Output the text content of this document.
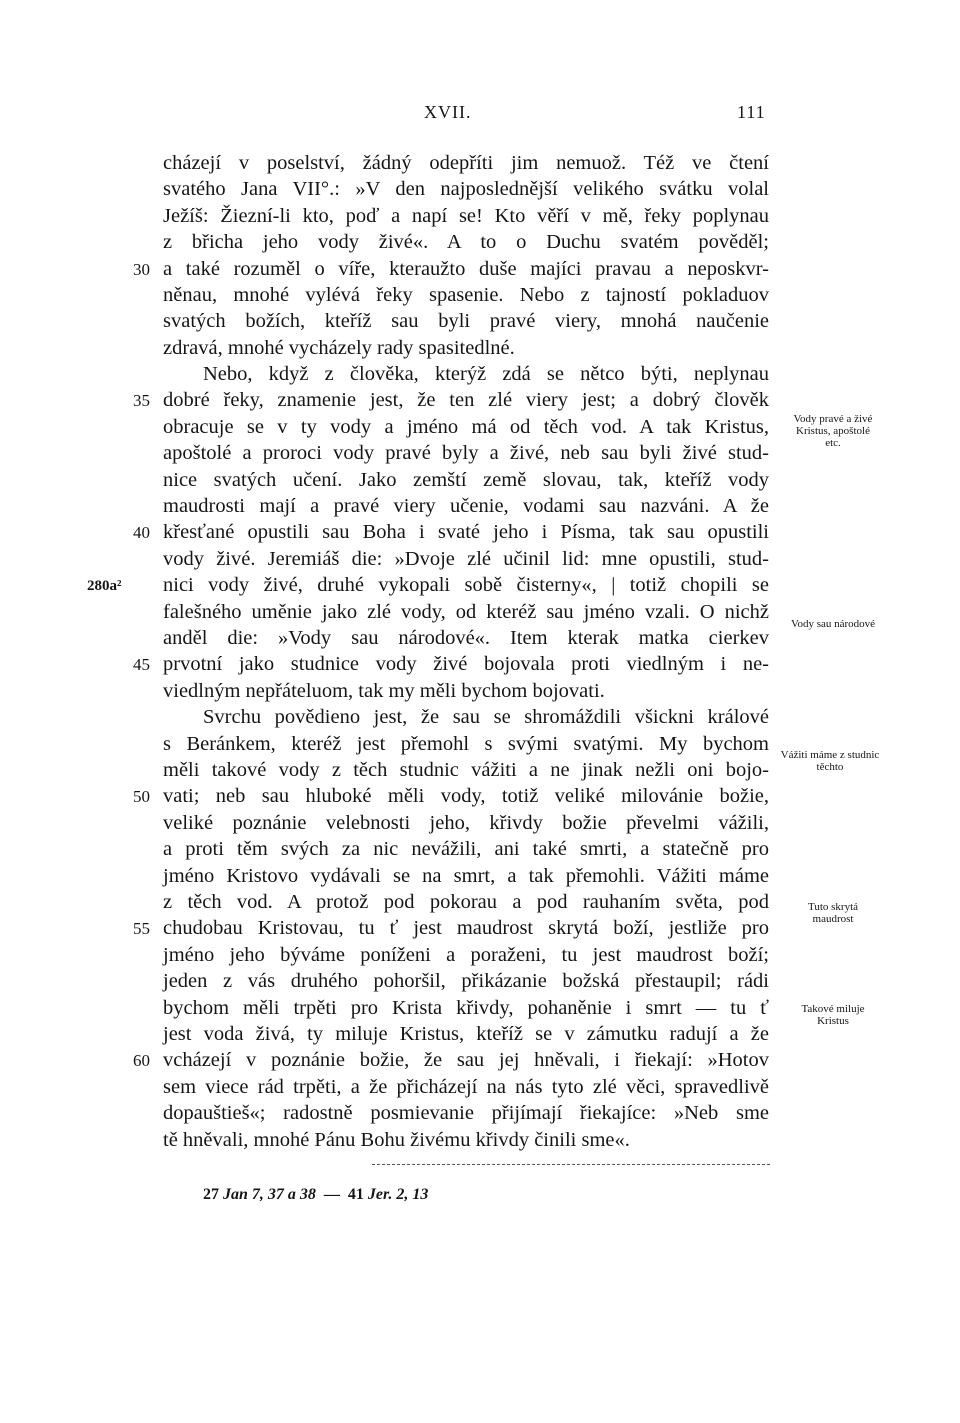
XVII.	111
cházejí v poselství, žádný odepříti jim nemuož. Též ve čtení
svatého Jana VII°.: »V den najposlednější velikého svátku volal
Ježíš: Žiezní-li kto, poď a napí se! Kto věří v mě, řeky poplynau
z břicha jeho vody živé«. A to o Duchu svatém pověděl;
a také rozuměl o víře, kteraužto duše majíci pravau a neposkvr-
něnau, mnohé vylévá řeky spasenie. Nebo z tajností pokladuov
svatých božích, kteříž sau byli pravé viery, mnohá naučenie
zdravá, mnohé vycházely rady spasitedlné.
Nebo, když z člověka, kterýž zdá se nětco býti, neplynau
dobré řeky, znamenie jest, že ten zlé viery jest; a dobrý člověk
obracuje se v ty vody a jméno má od těch vod. A tak Kristus,
apoštolé a proroci vody pravé byly a živé, neb sau byli živé stud-
nice svatých učení. Jako zemští země slovau, tak, kteříž vody
maudrosti mají a pravé viery učenie, vodami sau nazváni. A že
křesťané opustili sau Boha i svaté jeho i Písma, tak sau opustili
vody živé. Jeremiáš die: »Dvoje zlé učinil lid: mne opustili, stud-
nici vody živé, druhé vykopali sobě čisterny«, | totiž chopili se
falešného uměnie jako zlé vody, od kteréž sau jméno vzali. O nichž
anděl die: »Vody sau národové«. Item kterak matka cierkev
prvotní jako studnice vody živé bojovala proti viedlným i ne-
viedlným nepřáteluom, tak my měli bychom bojovati.
Svrchu povědieno jest, že sau se shromáždili všickni králové
s Beránkem, kteréž jest přemohl s svými svatými. My bychom
měli takové vody z těch studnic vážiti a ne jinak nežli oni bojo-
vati; neb sau hluboké měli vody, totiž veliké milovánie božie,
veliké poznánie velebnosti jeho, křivdy božie převelmi vážili,
a proti těm svých za nic nevážili, ani také smrti, a statečně pro
jméno Kristovo vydávali se na smrt, a tak přemohli. Vážiti máme
z těch vod. A protož pod pokorau a pod rauhaním světa, pod
chudobau Kristovau, tu ť jest maudrost skrytá boží, jestliže pro
jméno jeho býváme poníženi a poraženi, tu jest maudrost boží;
jeden z vás druhého pohoršil, přikázanie božská přestaupil; rádi
bychom měli trpěti pro Krista křivdy, pohaněnie i smrt — tu ť
jest voda živá, ty miluje Kristus, kteříž se v zámutku radují a že
vcházejí v poznánie božie, že sau jej hněvali, i řiekají: »Hotov
sem viece rád trpěti, a že přicházejí na nás tyto zlé věci, spravedlivě
dopauštieš«; radostně posmievanie přijímají řiekajíce: »Neb sme
tě hněvali, mnohé Pánu Bohu živému křivdy činili sme«.
30
35
40
45
50
55
60
280a²
Vody pravé a živé Kristus, apoštolé etc.
Vody sau národové
Vážiti máme z studnic těchto
Tuto skrytá maudrost
Takové miluje Kristus
27 Jan 7, 37 a 38 — 41 Jer. 2, 13
